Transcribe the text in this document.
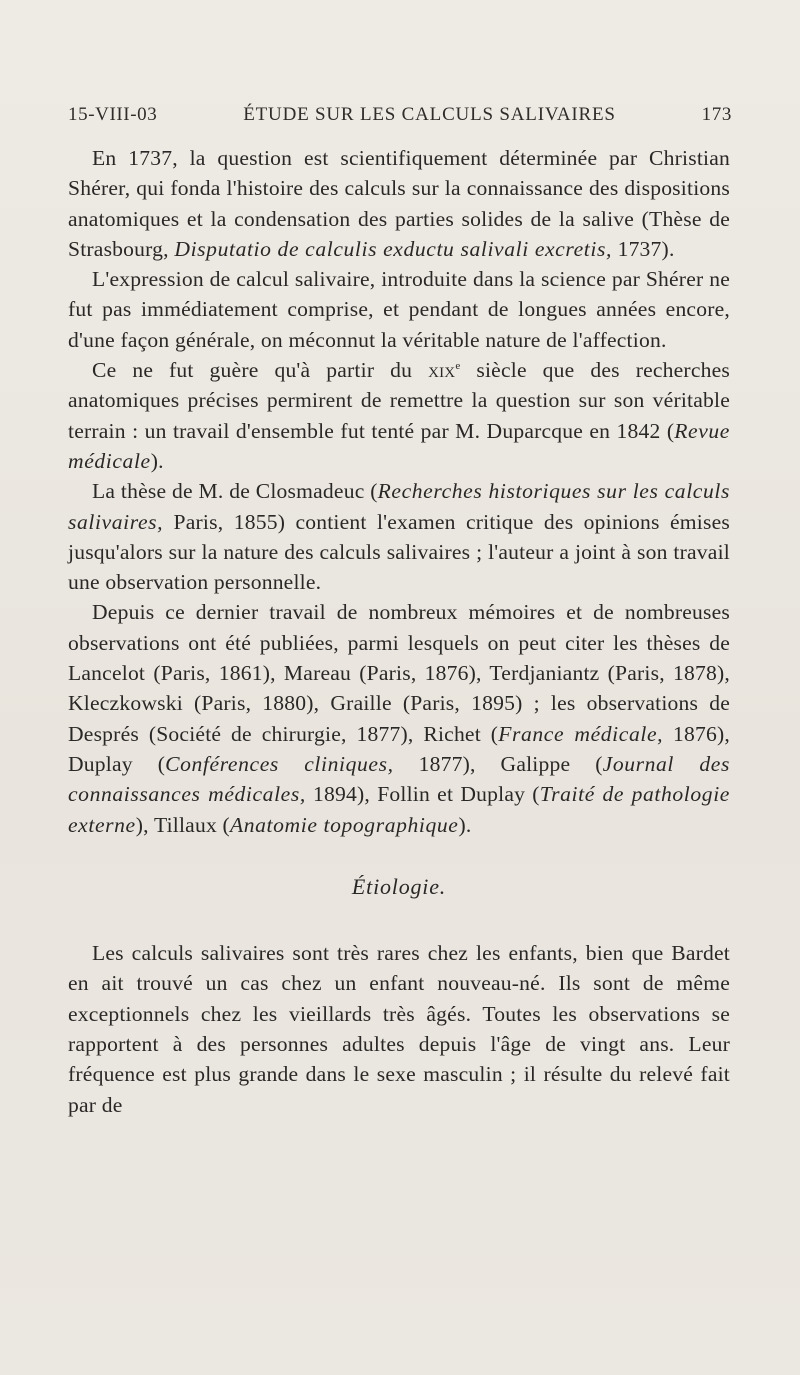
15-VIII-03	ÉTUDE SUR LES CALCULS SALIVAIRES	173

En 1737, la question est scientifiquement déterminée par Christian Shérer, qui fonda l'histoire des calculs sur la connaissance des dispositions anatomiques et la condensation des parties solides de la salive (Thèse de Strasbourg, Disputatio de calculis exductu salivali excretis, 1737).

L'expression de calcul salivaire, introduite dans la science par Shérer ne fut pas immédiatement comprise, et pendant de longues années encore, d'une façon générale, on méconnut la véritable nature de l'affection.

Ce ne fut guère qu'à partir du xix$^e$ siècle que des recherches anatomiques précises permirent de remettre la question sur son véritable terrain : un travail d'ensemble fut tenté par M. Duparcque en 1842 (Revue médicale).

La thèse de M. de Closmadeuc (Recherches historiques sur les calculs salivaires, Paris, 1855) contient l'examen critique des opinions émises jusqu'alors sur la nature des calculs salivaires ; l'auteur a joint à son travail une observation personnelle.

Depuis ce dernier travail de nombreux mémoires et de nombreuses observations ont été publiées, parmi lesquels on peut citer les thèses de Lancelot (Paris, 1861), Mareau (Paris, 1876), Terdjaniantz (Paris, 1878), Kleczkowski (Paris, 1880), Graille (Paris, 1895) ; les observations de Després (Société de chirurgie, 1877), Richet (France médicale, 1876), Duplay (Conférences cliniques, 1877), Galippe (Journal des connaissances médicales, 1894), Follin et Duplay (Traité de pathologie externe), Tillaux (Anatomie topographique).

Étiologie.

Les calculs salivaires sont très rares chez les enfants, bien que Bardet en ait trouvé un cas chez un enfant nouveau-né. Ils sont de même exceptionnels chez les vieillards très âgés. Toutes les observations se rapportent à des personnes adultes depuis l'âge de vingt ans. Leur fréquence est plus grande dans le sexe masculin ; il résulte du relevé fait par de
